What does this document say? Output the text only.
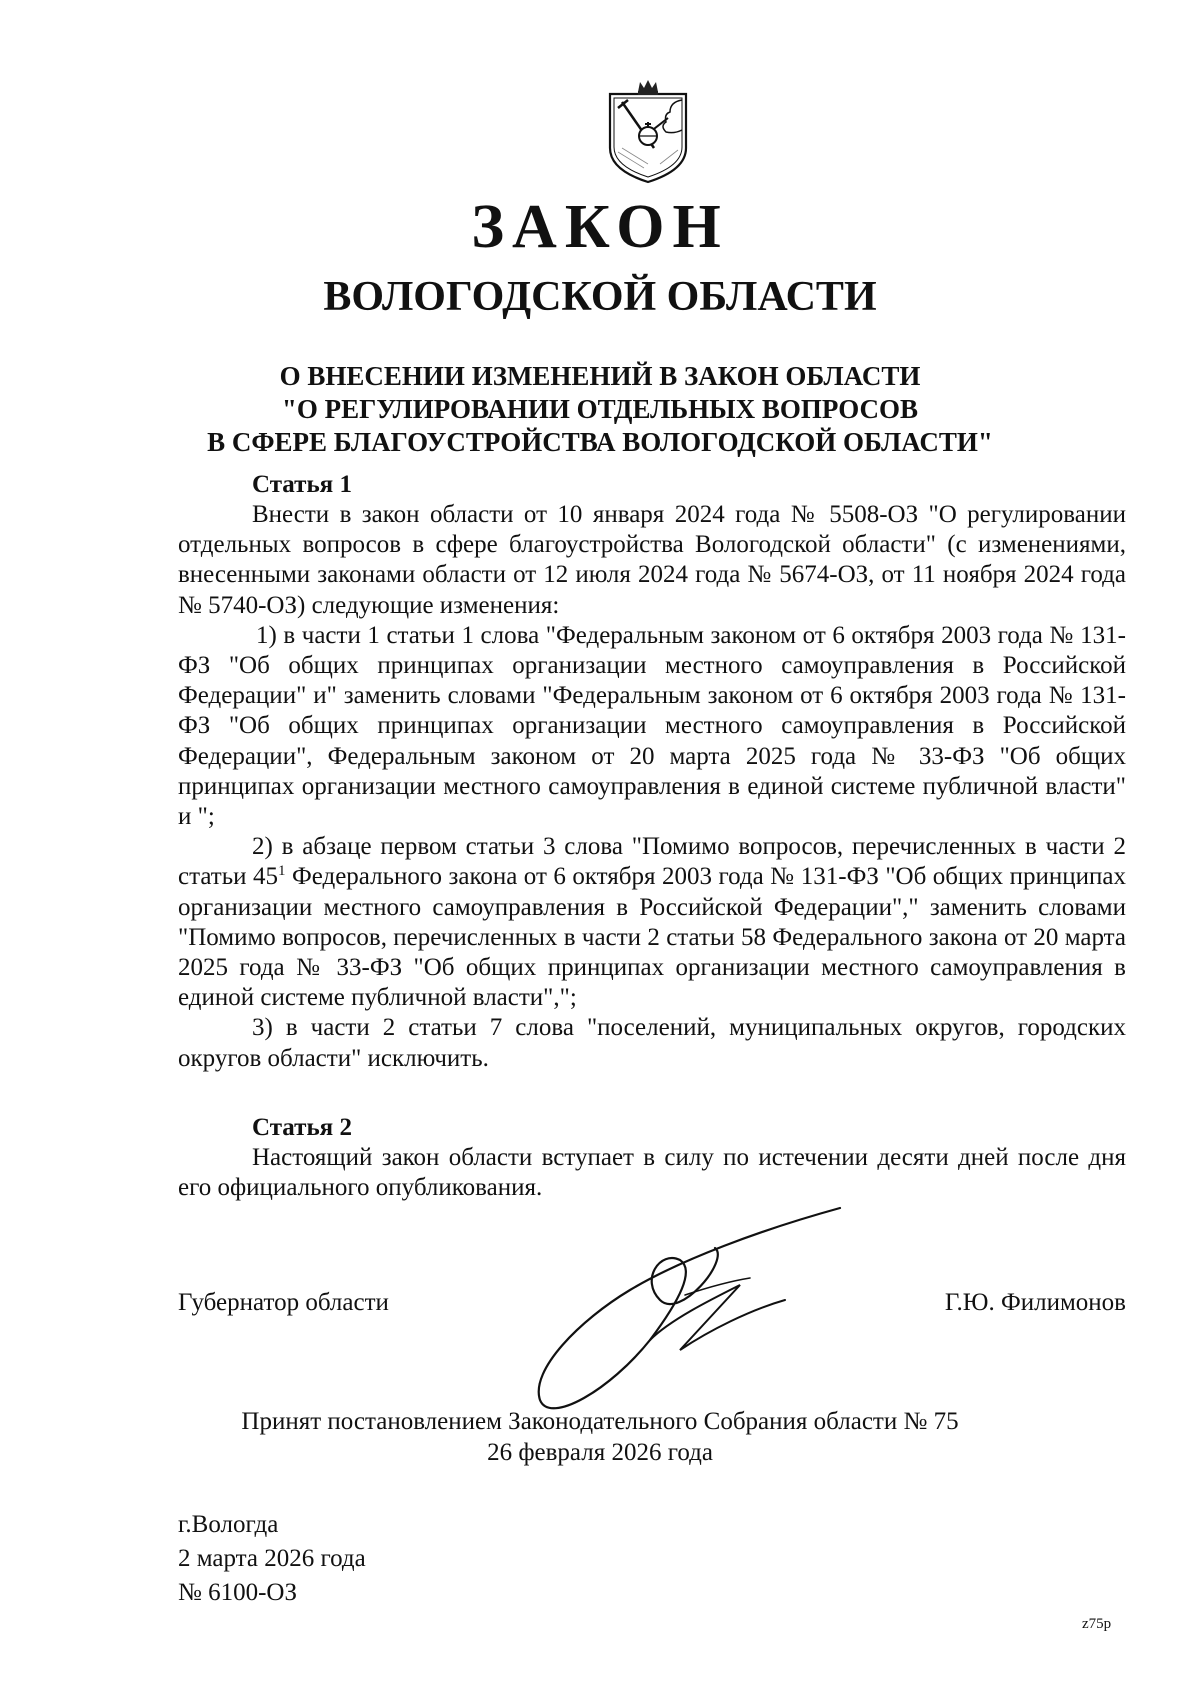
ЗАКОН
ВОЛОГОДСКОЙ ОБЛАСТИ
О ВНЕСЕНИИ ИЗМЕНЕНИЙ В ЗАКОН ОБЛАСТИ
"О РЕГУЛИРОВАНИИ ОТДЕЛЬНЫХ ВОПРОСОВ
В СФЕРЕ БЛАГОУСТРОЙСТВА ВОЛОГОДСКОЙ ОБЛАСТИ"
Статья 1

Внести в закон области от 10 января 2024 года № 5508-ОЗ "О регулировании отдельных вопросов в сфере благоустройства Вологодской области" (с изменениями, внесенными законами области от 12 июля 2024 года № 5674-ОЗ, от 11 ноября 2024 года № 5740-ОЗ) следующие изменения:

1) в части 1 статьи 1 слова "Федеральным законом от 6 октября 2003 года № 131-ФЗ "Об общих принципах организации местного самоуправления в Российской Федерации" и" заменить словами "Федеральным законом от 6 октября 2003 года № 131-ФЗ "Об общих принципах организации местного самоуправления в Российской Федерации", Федеральным законом от 20 марта 2025 года № 33-ФЗ "Об общих принципах организации местного самоуправления в единой системе публичной власти" и ";

2) в абзаце первом статьи 3 слова "Помимо вопросов, перечисленных в части 2 статьи $45^1$ Федерального закона от 6 октября 2003 года № 131-ФЗ "Об общих принципах организации местного самоуправления в Российской Федерации"," заменить словами "Помимо вопросов, перечисленных в части 2 статьи 58 Федерального закона от 20 марта 2025 года № 33-ФЗ "Об общих принципах организации местного самоуправления в единой системе публичной власти",";

3) в части 2 статьи 7 слова "поселений, муниципальных округов, городских округов области" исключить.

Статья 2

Настоящий закон области вступает в силу по истечении десяти дней после дня его официального опубликования.

Губернатор области	Г.Ю. Филимонов
Принят постановлением Законодательного Собрания области № 75
26 февраля 2026 года
г.Вологда
2 марта 2026 года
№ 6100-ОЗ
z75p
